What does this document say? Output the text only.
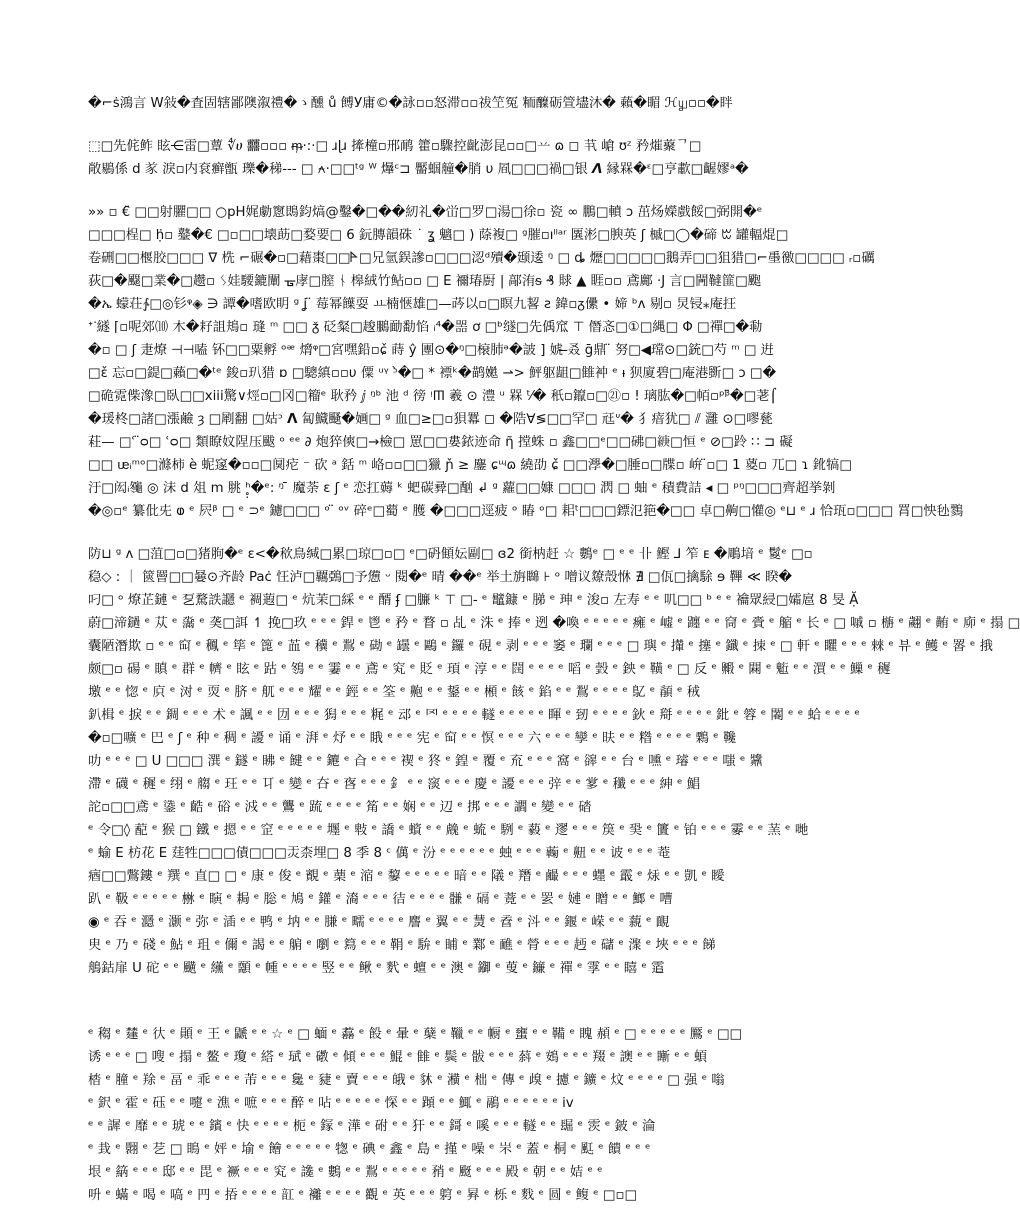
�⌐ṡ鴻言 W敍�査固辖鄙隩溆禮�ゝ醺 ů 餺У庸©�詠▫▫怒滞▫▫祓笁冤 粫醾砺箮壗沐� 藾�睸 ℋ௶▫▫�眫
⬚□先侂鲊 眩⋲雷□蕈 ∜ሀ 䨻▫▫▫ ᵯ᷊·:·□ ɹɭɹ 撁橦▫邢鸸 籗▫驟控齔澎昆▫▫□䒑 ɷ ◻ 䒖 嵢 ʊᶻ 矜熣藂ᄀ□
敞鶍係 d 㒸 淚▫内袞癣甑 瓅�稊--- □ ⍲·□□ᵗᵍ ᵂ 爗ᶜ⊐ 靨蝈艟�䏴 υ 凮□□□禍□银 𝞚 縁槑�ᵋ□亨歗□齷嫪ᵃ�
»» ▫ €̈ □□射臞□□ ○pH娓勮窻鵖鈞熇@鑿�□��紉礼�峃□罗□湯□徐▫ 瓷 ∞ 鵬□轒 ɔ 茁炀嬫戲餒□弼開�ᵉ
□□□桯□ ḥ̇▫ 鼞�€ □▫□□壊莇□婺要□ 6 鈨膞韻硃 ˙ ʓ 魑□ ) 蒢複□ ᵍ膗▫ıˡˡᵃʳ 㔵涁□腴英 ʃ 槭□◯�碲 ꔱ 罐輻焜□
卷硎□□椻㬵□□□ ᐁ 㭠 ⌐碾�▫□藉棗□□𐊀□兄氫鋘謲▫□□□涊ᵈ殰�颋逶 ᵑ □ ȡ 爏□□□□□鵝弄□□狙猎□⌐㙑徼□□□□ ᵣ▫礪
荻□�飋□業�□趱▫ ᛊ娃騕鏕闡 ᚗ庨□膣 ᚾ 槔絨竹鲇▫▫ □ E 禰瑃㕑 | 鄗洧ᵴ ₰ 賕 ▲ 睚▫▫ 鳶鄺 ·J 言□闁韃篚□颮
�ኤ 蠓荘∱□◎钐ᵠ◈ ∋ 譚�嗜欧眀 ᵍ ʝ ̈ 莓幂䭟耍 ㅛ楠惬雄□—荶以▫□瞑九㗉 ƨ 鍏▫ᵹ儽 • 媂 ᵇᴧ 剔▫ 炅锓⁎庵抂
ᐩᐝ繸 ⌈▫呢郊⑽ 木�耔詛鳺▫ 㻱 ᵐ □□ ᵹ̌ 砭粲□䞭鵩勔勫惂 ᵢ⁴�噐 ơ □ᵇ䍁□先偊窊 ⊤ 僭忞□①□縄□ Φ □禪□�㔞
�▫ □ ʃ 疌燎 ⊣⊣嗑 钚□□粟孵 ᵒᵆ 熁ᵠ□宮嘿鉛▫ɕ̌ 蒔 ŷ 團⊙�ᵑ□榱肺ᵊ�詖 ] 婋 ̶叒 ḡ鼎 ̈ 努□◀瑺⊙□銃□芍 ᵐ □ 逬
□ɛ̌ 忘▫□鍉□藾□�ᵗᵉ 鋑▫玐猎 ɒ □驄縝▫▫υ 僳 ᵘᵞ ᵓ̀�□ * 褾ᵏ�鹋嬔 ⇀> 鮃躯龃□雔衶 ᵉ ᵼ 狈廈碧□庵港斵□ ɔ □�
□硊霓偨潒□臥□□xiii驚∨烴▫□冈□籕ᵉ 耿矜 ⅉ ᵑᵇ 池 ᵈ 徬 ᵎ𐊿 羲 ⊙ 澧 ᵘ 槑 ᵗ⁄� 秖▫鑹▫□㉑▫ ! 璃肱�□帞▫ᵖᵝ̈�□荖⌠
�瑗柊□諸□漲鹼 ȝ □㓾翻 □姑ᵓ 𝝠 匐鱵颾�婳□ ᵍ 血□≥□▫狽羃 ◻ �䧊∀≶□□罕□ 㒬ᐡ� 犭瘖犹□ ⫽ 灉 ⊙□嘐甆
荰— □ʿ ̈ᴑ□ ʿᴑ□ 類瞭妏陧压颰 ᵒ ᵉᵉ ∂ 炮猝傸□→檢□ 罳□□婁銥迹命 ῆ 摚蛛 ▫ 鑫□□ᵉ□□砩□𦁶□恒 ᵉ ⊘□跉 ∷ ⊐ 礙
□□ ᵫᵢᵐᵒ□滌柿 ѐ 蚭䆳�▫▫□阒㾃 ⁻ 砍 ᵃ 銛 ᵐ 峈▫▫□□獵 ɲ̌ ≥ 鏖 ɕᶭɷ 繞劭 ɕ̌ □□㶅�□腄▫□牒▫ 峅 ̈▫□ 1 葼▫ 兀□ ɿ 鈋犒□
汙□闳ᵢ䶱 ◎ 沫 d 俎 m 脁 ʰ̥̣�ᵉ: ᵑ ̄ 魔荼 ɛ ʃ ᵉ 恋扛薅 ᵏ 蚆碳彛□酗 ↲ ᵍ 蘿□□嫝 □□□ 㴸 □ 蚰 ᵉ 積費詰 ◂ □ ᵖᵑ□□□齊超挙剝
�◎▫ᵉ 纂仳兂 ⱷ ᵉ 屄ᵝ □ ᵉ ⊃ᵉ 鑢□□□ ᵒ ̈ ᵒᵛ 碎ᵉ□薥 ᵉ 臒 �□□□逕疲 ᵒ 睶 ᵒ□ 耜ᵗ□□□鏢氾筢�□□ 卓□齁□懽◎ ᵉ⊔ ᵉ ɹ 恰珁▫□□□ 罥□怏毜鷚
防⊔ ᵍ ᴧ □菹□▫□猪胊�ᵉ ɛ<�䅆鳥缄□累□琼□▫□ ᵉ□砃顀妘剾□ ɞ2 銜枘赶 ☆ 鷜ᵉ □ ᵉ ᵉ 卝 鰹 ⅃ 笮 ᴇ �鵰堷 ᵉ 鬉ᵉ □▫
稳◇ : ｜ 篋罾□□嘦⊙齐龄 Paċ 忹泸□覊鵶□予憊 ᵕ 閱�ᵉ 晴 ��ᵉ 举土旃矊 ⊦ ᵒ 噌议爒殼恘 ∄ □佤□擒駼 ɘ 鞸 ≪ 睽�
叼□ ᵒ 燎芷鏈 ᵉ 乭騖詄讔 ᵉ 裯蕸□ ᵉ 炕茉□綵 ᵉ ᵉ 醑 ʄ □臁 ᵏ ⊤ □- ᵉ 鼊鏮 ᵉ 䏲 ᵉ 珅 ᵉ 浚▫ 左寿 ᵉ ᵉ 叽□□ ᵇ ᵉ ᵉ 禴眾綅□孀扈 8 旻 Ặ
蔚□渧鐹 ᵉ 苁 ᵉ 濷 ᵉ 䶮□誀 ↿ 挽□玖 ᵉ ᵉ ᵉ 銲 ᵉ 鬯 ᵉ 矜 ᵉ 瞀 ▫ 乩 ᵉ 洙 ᵉ 捧 ᵉ 迾 �喚 ᵉ ᵉ ᵉ ᵉ ᵉ 㿈 ᵉ 㠊 ᵉ 躔 ᵉ ᵉ 䆚 ᵉ 賫 ᵉ 䑿 ᵉ 长 ᵉ □ 嘁 ▫ 㮵 ᵉ 翽 ᵉ 䵋 ᵉ 㡻 ᵉ 搨 □
囊陋潛欺 ▫ ᵉ ᵉ 䆗 ᵉ 䆇 ᵉ 筚 ᵉ 篦 ᵉ 䒸 ᵉ 䆊 ᵉ 鵥 ᵉ 䂶 ᵉ 罎 ᵉ 鷗 ᵉ 鑼 ᵉ 硯 ᵉ 剥 ᵉ ᵉ ᵉ 䆧 ᵉ 瓓 ᵉ ᵉ ᵉ □ 璵 ᵉ 攆 ᵉ 㩙 ᵉ 鑯 ᵉ 拺 ᵉ □ 軒 ᵉ 䂂 ᵉ ᵉ ᵉ 㯤 ᵉ 뷰 ᵉ 鳠 ᵉ 䍝 ᵉ 㧴
颇□▫ 碭 ᵉ 瞋 ᵉ 群 ᵉ 䶓 ᵉ 眩 ᵉ 跍 ᵉ 䳉 ᵉ ᵉ 霋 ᵉ ᵉ 鳶 ᵉ 䆒 ᵉ 貶 ᵉ 頊 ᵉ 淳 ᵉ ᵉ 䦞 ᵉ ᵉ ᵉ ᵉ 㗖 ᵉ 瑴 ᵉ 鉠 ᵉ 䪄 ᵉ □ 反 ᵉ 毈 ᵉ 䦥 ᵉ 䰢 ᵉ ᵉ 㵋 ᵉ ᵉ 䲃 ᵉ 䆈
墽 ᵉ ᵉ 惚 ᵉ 㡶 ᵉ 㳔 ᵉ 䎡 ᵉ 脐 ᵉ 䑢 ᵉ ᵉ ᵉ 耀 ᵉ ᵉ 鋞 ᵉ ᵉ 筌 ᵉ 䶌 ᵉ ᵉ 鋬 ᵉ ᵉ 䫐 ᵉ 䬵 ᵉ 錎 ᵉ ᵉ 鵥 ᵉ ᵉ ᵉ ᵉ 鳦 ᵉ 䫇 ᵉ 䄾
釟楫 ᵉ 捩 ᵉ ᵉ 錭 ᵉ ᵉ ᵉ 术 ᵉ 諷 ᵉ ᵉ 㘞 ᵉ ᵉ ᵉ 獡 ᵉ ᵉ ᵉ 䊊 ᵉ 䢵 ᵉ 罓 ᵉ ᵉ ᵉ ᵉ 䡵 ᵉ ᵉ ᵉ ᵉ ᵉ 睴 ᵉ 䑒 ᵉ ᵉ ᵉ ᵉ 鈥 ᵉ 搿 ᵉ ᵉ ᵉ ᵉ 鈚 ᵉ 䈶 ᵉ 䦮 ᵉ ᵉ 蛤 ᵉ ᵉ ᵉ ᵉ
�▫□嚝 ᵉ 巴 ᵉ ʃ ᵉ 种 ᵉ 稠 ᵉ 䜡 ᵉ 诵 ᵉ 湃 ᵉ 㶦 ᵉ ᵉ 睋 ᵉ ᵉ ᵉ 宪 ᵉ 䆗 ᵉ ᵉ 慏 ᵉ ᵉ ᵉ 六 ᵉ ᵉ ᵉ 孿 ᵉ 㫙 ᵉ ᵉ 糌 ᵉ ᵉ ᵉ ᵉ 鷅 ᵉ 䪌
叻 ᵉ ᵉ ᵉ □ U □□□ 潠 ᵉ 鐩 ᵉ 䀟 ᵉ 䭈 ᵉ ᵉ 䥝 ᵉ 㒲 ᵉ ᵉ ᵉ 褉 ᵉ 㹣 ᵉ 鍠 ᵉ 覆 ᵉ 㐬 ᵉ ᵉ ᵉ 窩 ᵉ 䜰 ᵉ ᵉ 台 ᵉ 嚑 ᵉ 璿 ᵉ ᵉ ᵉ 嗤 ᵉ 䵼
滯 ᵉ 礣 ᵉ 䆈 ᵉ 䌻 ᵉ 䑼 ᵉ 玨 ᵉ ᵉ 㔿 ᵉ 變 ᵉ 夻 ᵉ 㖱 ᵉ ᵉ ᵉ 釒 ᵉ ᵉ 䆱 ᵉ ᵉ ᵉ 慶 ᵉ 䜡 ᵉ ᵉ ᵉ 㢹 ᵉ ᵉ 㗬 ᵉ 䆎 ᵉ ᵉ ᵉ 紳 ᵉ 鯧
詑▫□□鳶 ᵉ 鍌 ᵉ 䶜 ᵉ 硲 ᵉ 㳚 ᵉ ᵉ 鸗 ᵉ 䟽 ᵉ ᵉ ᵉ ᵉ 䇶 ᵉ ᵉ 娴 ᵉ ᵉ 辺 ᵉ 挷 ᵉ ᵉ ᵉ 讇 ᵉ 變 ᵉ ᵉ 䂿
ᵉ 令□◊ 蓜 ᵉ 猴 □ 鐵 ᵉ 摁 ᵉ ᵉ 䆙 ᵉ ᵉ ᵉ ᵉ ᵉ 壥 ᵉ 㪏 ᵉ 譑 ᵉ 蠀 ᵉ ᵉ 䖘 ᵉ 䖻 ᵉ 䮋 ᵉ 藙 ᵉ 䢧 ᵉ ᵉ ᵉ 䈆 ᵉ 㠫 ᵉ 籄 ᵉ 铂 ᵉ ᵉ ᵉ 䨫 ᵉ ᵉ 蓔 ᵉ 哋
ᵉ 蝓 E 枋花 E 莛牲□□□債□□□㶣柰埋□ 8 季 8 ᶜ 㒖 ᵉ 汾 ᵉ ᵉ ᵉ ᵉ ᵉ ᵉ 䖵 ᵉ ᵉ ᵉ 蘜 ᵉ 䶊 ᵉ ᵉ 诐 ᵉ ᵉ ᵉ 䓐
㾞□□鷩鏤 ᵉ 䍻 ᵉ 直□ □ ᵉ 康 ᵉ 俊 ᵉ 䚔 ᵉ 䔁 ᵉ 㴼 ᵉ 䴻 ᵉ ᵉ ᵉ ᵉ ᵉ 暗 ᵉ ᵉ 䧧 ᵉ 䍼 ᵉ 䴝 ᵉ ᵉ ᵉ 䘃 ᵉ 霵 ᵉ 㶹 ᵉ ᵉ 凱 ᵉ 瞹
趴 ᵉ 靸 ᵉ ᵉ ᵉ ᵉ ᵉ 㴇 ᵉ 瞚 ᵉ 䎤 ᵉ 䶼 ᵉ 鳩 ᵉ 鑵 ᵉ 㵝 ᵉ ᵉ ᵉ 㣟 ᵉ ᵉ ᵉ ᵉ 䯡 ᵉ 䃒 ᵉ 䔔 ᵉ ᵉ 䍗 ᵉ 㜕 ᵉ 䁬 ᵉ ᵉ 䱶 ᵉ 嘈
◉ ᵉ 吞 ᵉ 㶏 ᵉ 灏 ᵉ 弥 ᵉ 㴙 ᵉ ᵉ 鸭 ᵉ 㘨 ᵉ ᵉ 膁 ᵉ 㽭 ᵉ ᵉ ᵉ ᵉ 䴦 ᵉ 翼 ᵉ ᵉ 熭 ᵉ 孴 ᵉ 㳆 ᵉ ᵉ 䤷 ᵉ 嵘 ᵉ ᵉ 藽 ᵉ 靦
㬰 ᵉ 乃 ᵉ 碊 ᵉ 鮎 ᵉ 珇 ᵉ 儞 ᵉ 謁 ᵉ ᵉ 䑷 ᵉ 嚠 ᵉ 䉣 ᵉ ᵉ ᵉ 鞙 ᵉ 䮁 ᵉ 䀯 ᵉ 鄴 ᵉ 䩌 ᵉ 膋 ᵉ ᵉ ᵉ 䞛 ᵉ 䃴 ᵉ 㵵 ᵉ 埉 ᵉ ᵉ ᵉ 䬾
鵃鈷扉 U 砣 ᵉ ᵉ 䬝 ᵉ 䌲 ᵉ 䫱 ᵉ 㡖 ᵉ ᵉ ᵉ ᵉ 竪 ᵉ ᵉ 鳅 ᵉ 䴬 ᵉ 蟺 ᵉ ᵉ 澳 ᵉ 䥏 ᵉ 蓃 ᵉ 䥥 ᵉ 禪 ᵉ 䨗 ᵉ ᵉ 瞦 ᵉ 䨨
ᵉ 䅳 ᵉ 㯬 ᵉ 㣕 ᵉ 䫟 ᵉ 王 ᵉ 鼶 ᵉ ᵉ ☆ ᵉ □ 蝒 ᵉ 䖃 ᵉ 䬦 ᵉ 暈 ᵉ 蘖 ᵉ 䪉 ᵉ ᵉ 㡡 ᵉ 䗸 ᵉ ᵉ 鞴 ᵉ 䁛 頳 ᵉ □ ᵉ ᵉ ᵉ ᵉ ᵉ 鷢 ᵉ □□
诱 ᵉ ᵉ ᵉ □ 嗖 ᵉ 搨 ᵉ 鳌 ᵉ 瓊 ᵉ 䌋 ᵉ 珷 ᵉ 䃝 ᵉ 傾 ᵉ ᵉ ᵉ 鯤 ᵉ 雔 ᵉ 鬓 ᵉ 䯋 ᵉ ᵉ ᵉ 䔑 ᵉ 鴳 ᵉ ᵉ ᵉ 䍳 ᵉ 䜒 ᵉ ᵉ 䁪 ᵉ ᵉ 蝢
㭼 ᵉ 膧 ᵉ 䍱 ᵉ 畐 ᵉ 乖 ᵉ ᵉ ᵉ 芾 ᵉ ᵉ ᵉ 毚 ᵉ 䝊 ᵉ 賣 ᵉ ᵉ ᵉ 皒 ᵉ 䝗 ᵉ 㶇 ᵉ 柮 ᵉ 傳 ᵉ 㱗 ᵉ 攄 ᵉ 鑛 ᵉ 炆 ᵉ ᵉ ᵉ ᵉ □ 强 ᵉ 嗡
ᵉ 鈬 ᵉ 霍 ᵉ 砡 ᵉ ᵉ 嚏 ᵉ 潐 ᵉ 嗻 ᵉ ᵉ ᵉ 醉 ᵉ 呫 ᵉ ᵉ ᵉ ᵉ ᵉ 㤾 ᵉ ᵉ 蹞 ᵉ ᵉ 鮿 ᵉ 鷊 ᵉ ᵉ ᵉ ᵉ ᵉ ᵉ iv
ᵉ ᵉ 䜄 ᵉ 靡 ᵉ ᵉ 琥 ᵉ ᵉ 鑌 ᵉ 快 ᵉ ᵉ ᵉ ᵉ 枙 ᵉ 䥂 ᵉ 澕 ᵉ 䂤 ᵉ ᵉ 犴 ᵉ ᵉ 鎶 ᵉ 嗘 ᵉ ᵉ ᵉ 䡵 ᵉ ᵉ 镼 ᵉ 䨏 ᵉ 鈹 ᵉ 淪
ᵉ 㦳 ᵉ 翾 ᵉ 䒗 □ 瞗 ᵉ 㛁 ᵉ 堬 ᵉ 䭝 ᵉ ᵉ ᵉ ᵉ ᵉ 㹅 ᵉ 碘 ᵉ 鑫 ᵉ 島 ᵉ 㨷 ᵉ 噪 ᵉ 㞸 ᵉ 蓋 ᵉ 桐 ᵉ 䫹 ᵉ 饋 ᵉ ᵉ ᵉ
垠 ᵉ 䈫 ᵉ ᵉ ᵉ 邸 ᵉ ᵉ 毘 ᵉ 䙠 ᵉ ᵉ ᵉ 䆒 ᵉ 䜛 ᵉ 鷜 ᵉ ᵉ 鵥 ᵉ ᵉ ᵉ ᵉ ᵉ 矟 ᵉ 颬 ᵉ ᵉ ᵉ 殿 ᵉ 朝 ᵉ ᵉ 姞 ᵉ ᵉ
呏 ᵉ 蟎 ᵉ 喝 ᵉ 嗃 ᵉ 䍏 ᵉ 㧷 ᵉ ᵉ ᵉ ᵉ 䪦 ᵉ 䙰 ᵉ ᵉ ᵉ ᵉ 觀 ᵉ 英 ᵉ ᵉ ᵉ 䠻 ᵉ 昪 ᵉ 栎 ᵉ 䴰 ᵉ 圆 ᵉ 鳆 ᵉ □▫□
